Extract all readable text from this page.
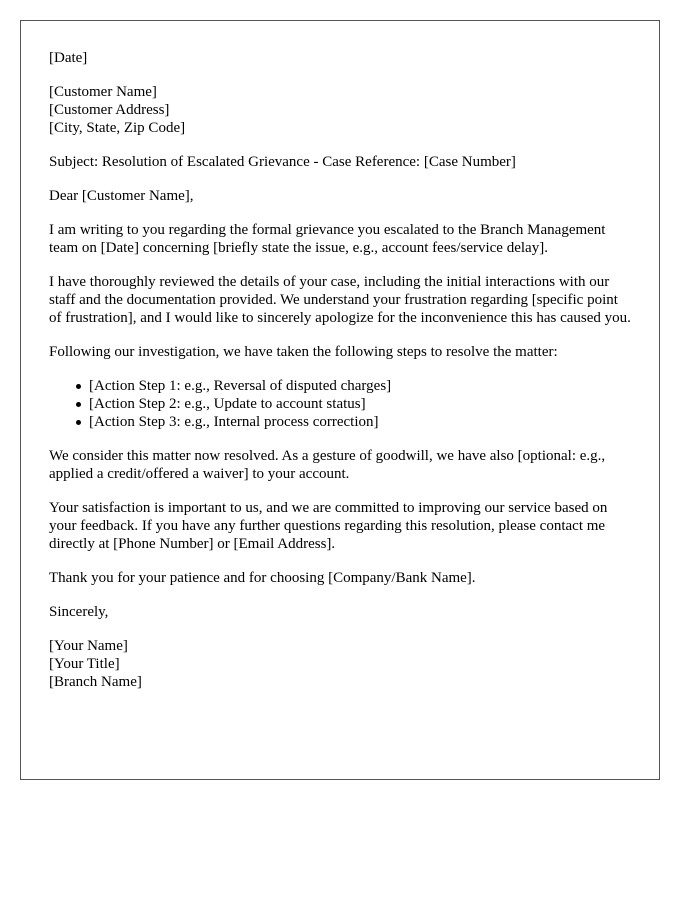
[Date]

[Customer Name]
[Customer Address]
[City, State, Zip Code]

Subject: Resolution of Escalated Grievance - Case Reference: [Case Number]

Dear [Customer Name],

I am writing to you regarding the formal grievance you escalated to the Branch Management team on [Date] concerning [briefly state the issue, e.g., account fees/service delay].

I have thoroughly reviewed the details of your case, including the initial interactions with our staff and the documentation provided. We understand your frustration regarding [specific point of frustration], and I would like to sincerely apologize for the inconvenience this has caused you.

Following our investigation, we have taken the following steps to resolve the matter:

[Action Step 1: e.g., Reversal of disputed charges]
[Action Step 2: e.g., Update to account status]
[Action Step 3: e.g., Internal process correction]

We consider this matter now resolved. As a gesture of goodwill, we have also [optional: e.g., applied a credit/offered a waiver] to your account.

Your satisfaction is important to us, and we are committed to improving our service based on your feedback. If you have any further questions regarding this resolution, please contact me directly at [Phone Number] or [Email Address].

Thank you for your patience and for choosing [Company/Bank Name].

Sincerely,

[Your Name]
[Your Title]
[Branch Name]
